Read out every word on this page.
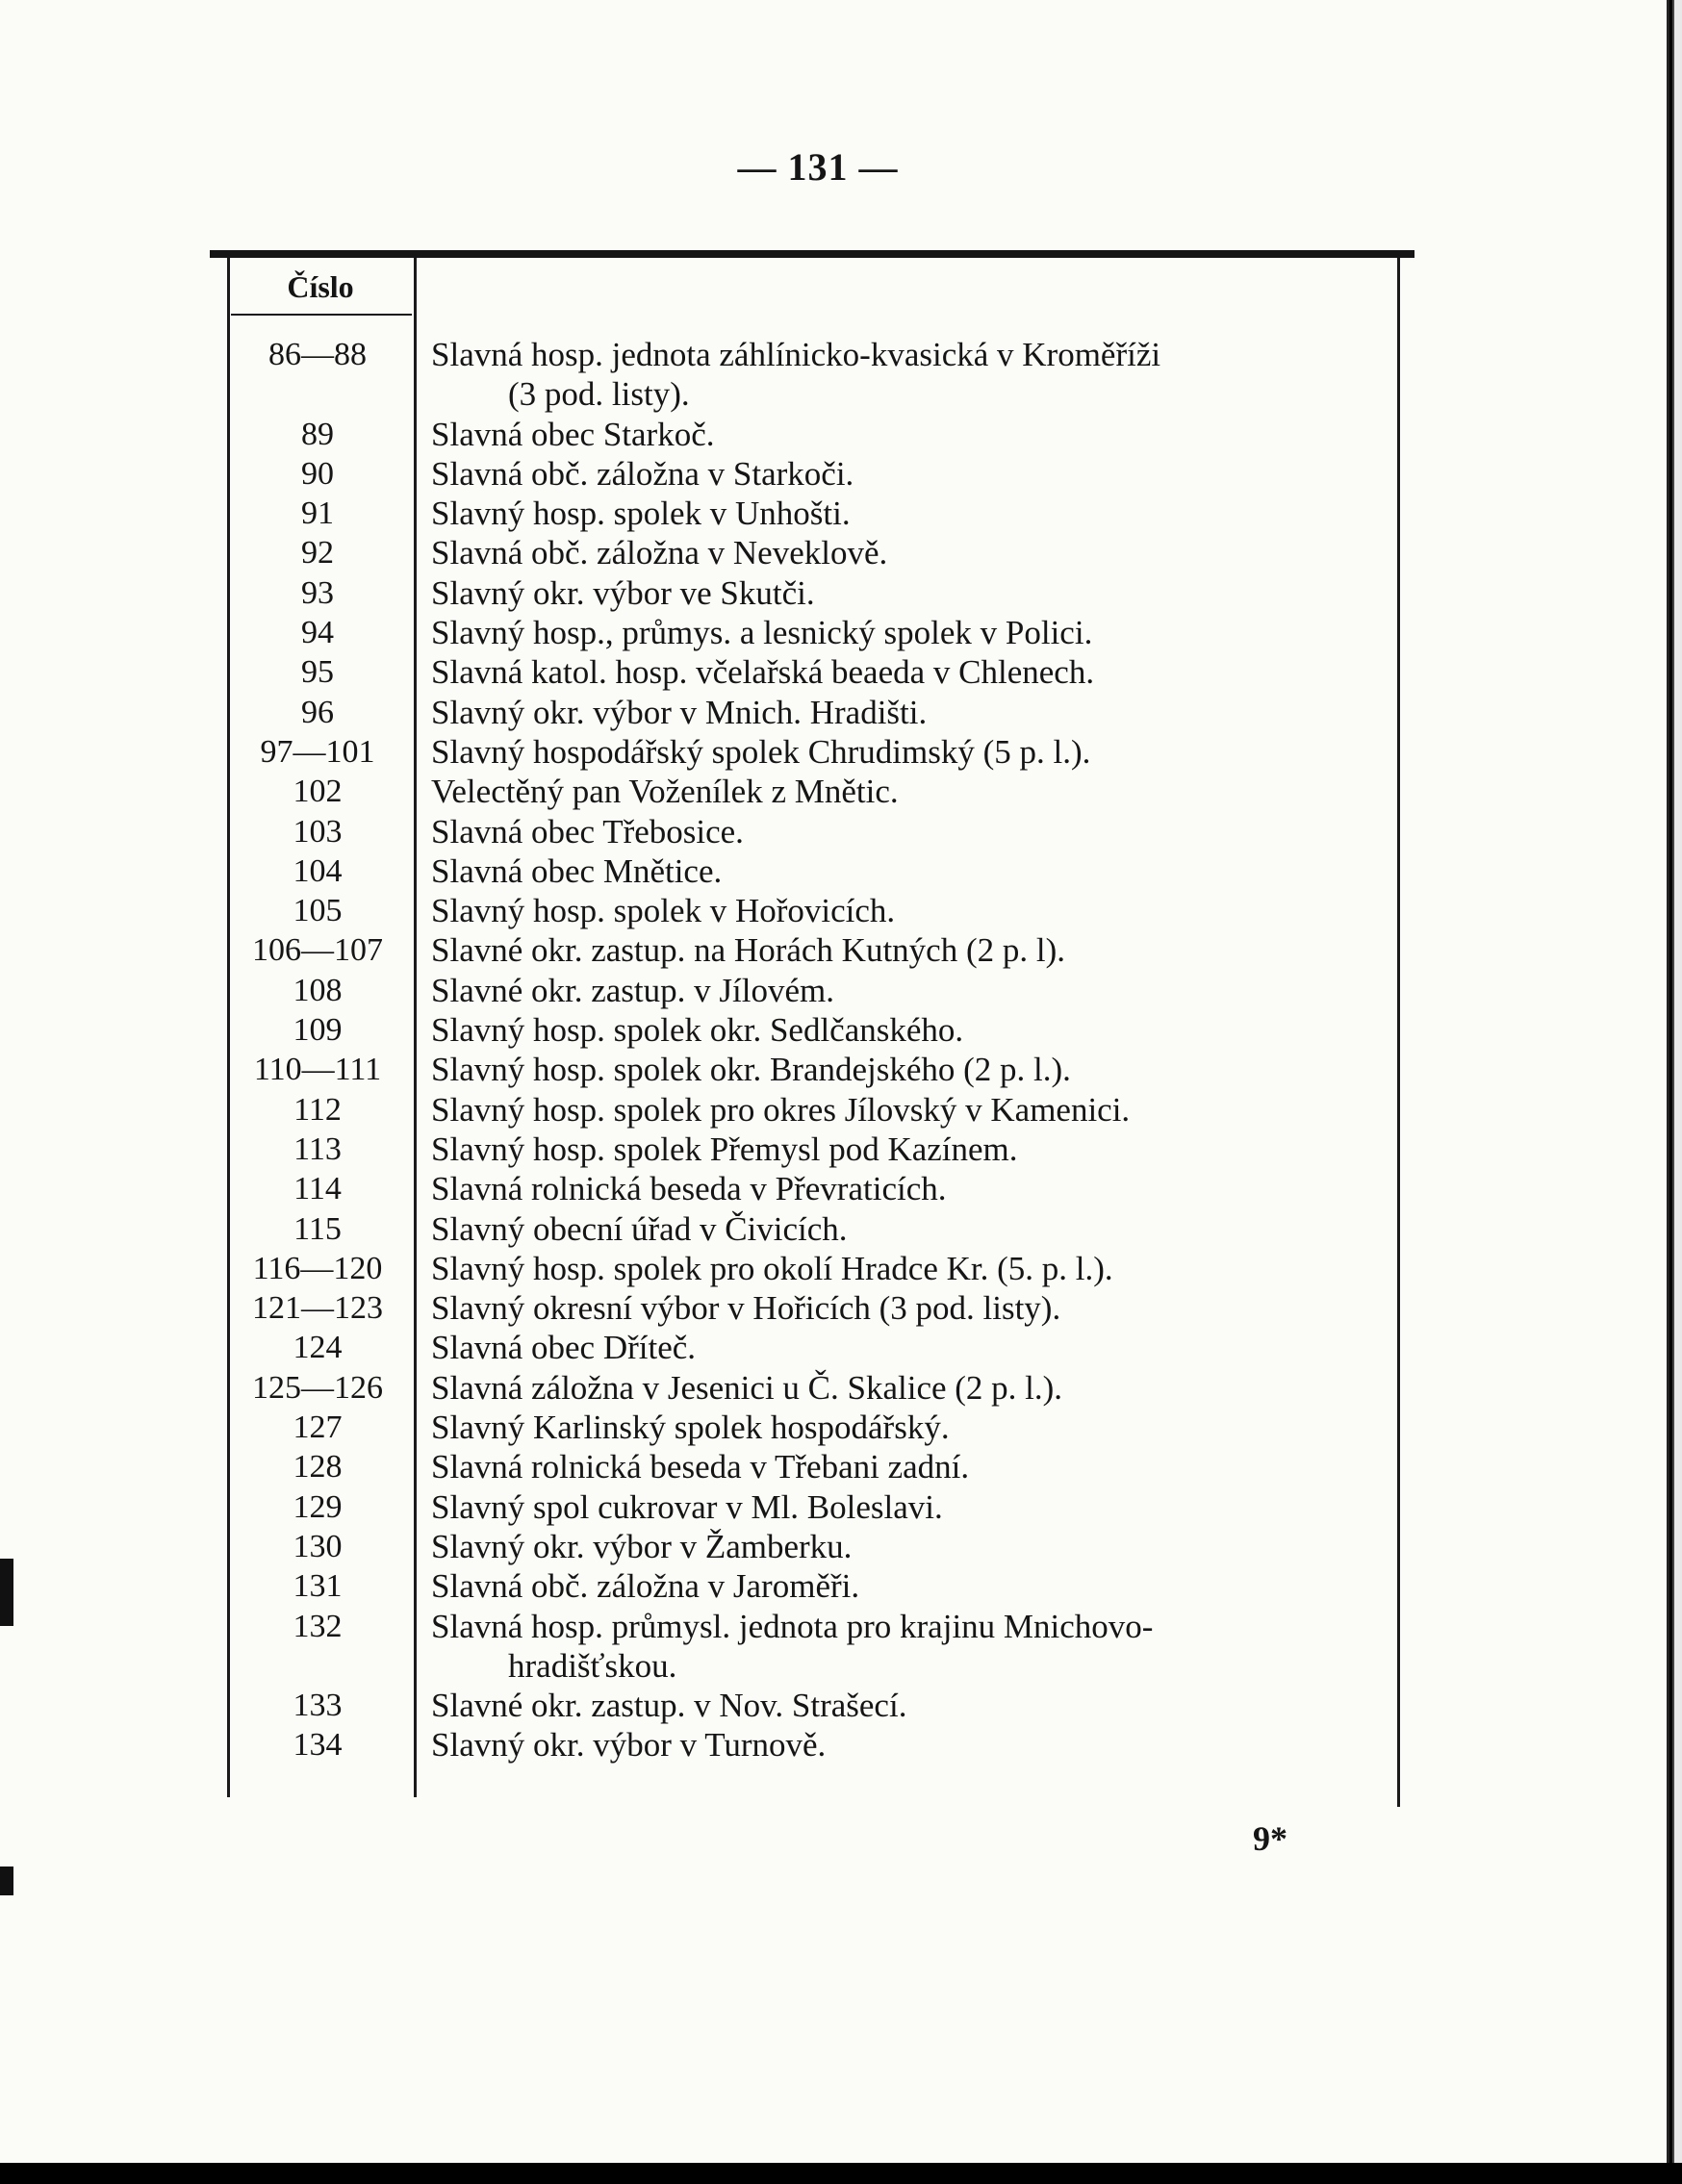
— 131 —
Číslo
86—88	Slavná hosp. jednota záhlínicko-kvasická v Kroměříži
(3 pod. listy).
89	Slavná obec Starkoč.
90	Slavná obč. záložna v Starkoči.
91	Slavný hosp. spolek v Unhošti.
92	Slavná obč. záložna v Neveklově.
93	Slavný okr. výbor ve Skutči.
94	Slavný hosp., průmys. a lesnický spolek v Polici.
95	Slavná katol. hosp. včelařská beaeda v Chlenech.
96	Slavný okr. výbor v Mnich. Hradišti.
97—101	Slavný hospodářský spolek Chrudimský (5 p. l.).
102	Velectěný pan Voženílek z Mnětic.
103	Slavná obec Třebosice.
104	Slavná obec Mnětice.
105	Slavný hosp. spolek v Hořovicích.
106—107	Slavné okr. zastup. na Horách Kutných (2 p. l).
108	Slavné okr. zastup. v Jílovém.
109	Slavný hosp. spolek okr. Sedlčanského.
110—111	Slavný hosp. spolek okr. Brandejského (2 p. l.).
112	Slavný hosp. spolek pro okres Jílovský v Kamenici.
113	Slavný hosp. spolek Přemysl pod Kazínem.
114	Slavná rolnická beseda v Převraticích.
115	Slavný obecní úřad v Čivicích.
116—120	Slavný hosp. spolek pro okolí Hradce Kr. (5. p. l.).
121—123	Slavný okresní výbor v Hořicích (3 pod. listy).
124	Slavná obec Dříteč.
125—126	Slavná záložna v Jesenici u Č. Skalice (2 p. l.).
127	Slavný Karlinský spolek hospodářský.
128	Slavná rolnická beseda v Třebani zadní.
129	Slavný spol cukrovar v Ml. Boleslavi.
130	Slavný okr. výbor v Žamberku.
131	Slavná obč. záložna v Jaroměři.
132	Slavná hosp. průmysl. jednota pro krajinu Mnichovo-
hradišťskou.
133	Slavné okr. zastup. v Nov. Strašecí.
134	Slavný okr. výbor v Turnově.
9*
